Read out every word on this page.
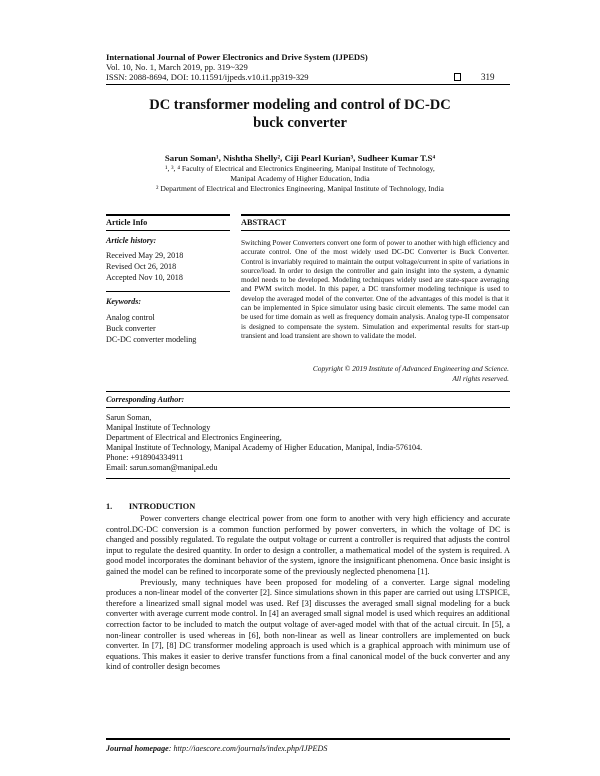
International Journal of Power Electronics and Drive System (IJPEDS)
Vol. 10, No. 1, March 2019, pp. 319~329
ISSN: 2088-8694, DOI: 10.11591/ijpeds.v10.i1.pp319-329	319
DC transformer modeling and control of DC-DC
buck converter
Sarun Soman¹, Nishtha Shelly², Ciji Pearl Kurian³, Sudheer Kumar T.S⁴
¹, ³, ⁴ Faculty of Electrical and Electronics Engineering, Manipal Institute of Technology,
Manipal Academy of Higher Education, India
² Department of Electrical and Electronics Engineering, Manipal Institute of Technology, India
Article Info	ABSTRACT
Article history:
Received May 29, 2018
Revised Oct 26, 2018
Accepted Nov 10, 2018
Keywords:
Analog control
Buck converter
DC-DC converter modeling
Switching Power Converters convert one form of power to another with high efficiency and accurate control. One of the most widely used DC-DC Converter is Buck Converter. Control is invariably required to maintain the output voltage/current in spite of variations in source/load. In order to design the controller and gain insight into the system, a dynamic model needs to be developed. Modeling techniques widely used are state-space averaging and PWM switch model. In this paper, a DC transformer modeling technique is used to develop the averaged model of the converter. One of the advantages of this model is that it can be implemented in Spice simulator using basic circuit elements. The same model can be used for time domain as well as frequency domain analysis. Analog type-II compensator is designed to compensate the system. Simulation and experimental results for start-up transient and load transient are shown to validate the model.
Copyright © 2019 Institute of Advanced Engineering and Science.
All rights reserved.
Corresponding Author:
Sarun Soman,
Manipal Institute of Technology
Department of Electrical and Electronics Engineering,
Manipal Institute of Technology, Manipal Academy of Higher Education, Manipal, India-576104.
Phone: +918904334911
Email: sarun.soman@manipal.edu
1.  INTRODUCTION

Power converters change electrical power from one form to another with very high efficiency and accurate control.DC-DC conversion is a common function performed by power converters, in which the voltage of DC is changed and possibly regulated. To regulate the output voltage or current a controller is required that adjusts the control input to regulate the desired quantity. In order to design a controller, a mathematical model of the system is required. A good model incorporates the dominant behavior of the system, ignore the insignificant phenomena. Once basic insight is gained the model can be refined to incorporate some of the previously neglected phenomena [1].

Previously, many techniques have been proposed for modeling of a converter. Large signal modeling produces a non-linear model of the converter [2]. Since simulations shown in this paper are carried out using LTSPICE, therefore a linearized small signal model was used. Ref [3] discusses the averaged small signal modeling for a buck converter with average current mode control. In [4] an averaged small signal model is used which requires an additional correction factor to be included to match the output voltage of aver-aged model with that of the actual circuit. In [5], a non-linear controller is used whereas in [6], both non-linear as well as linear controllers are implemented on buck converter. In [7], [8] DC transformer modeling approach is used which is a graphical approach with minimum use of equations. This makes it easier to derive transfer functions from a final canonical model of the buck converter and any kind of controller design becomes

Journal homepage: http://iaescore.com/journals/index.php/IJPEDS
